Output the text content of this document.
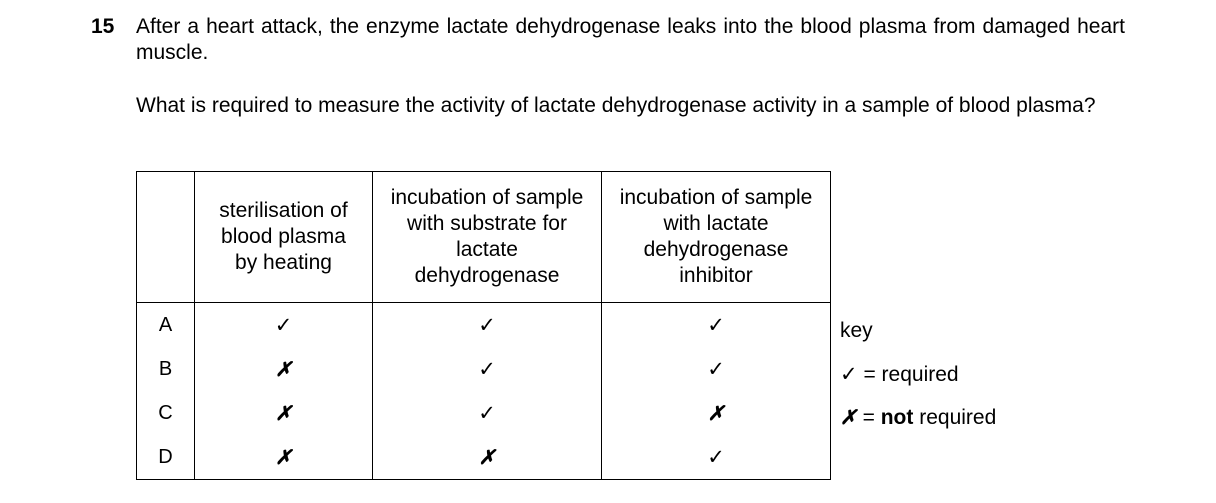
15 After a heart attack, the enzyme lactate dehydrogenase leaks into the blood plasma from damaged heart muscle.
What is required to measure the activity of lactate dehydrogenase activity in a sample of blood plasma?

	sterilisation of blood plasma by heating	incubation of sample with substrate for lactate dehydrogenase	incubation of sample with lactate dehydrogenase inhibitor

A	✓	✓	✓
B	✗	✓	✓
C	✗	✓	✗
D	✗	✗	✓
key
✓ = required
✗ = not required
